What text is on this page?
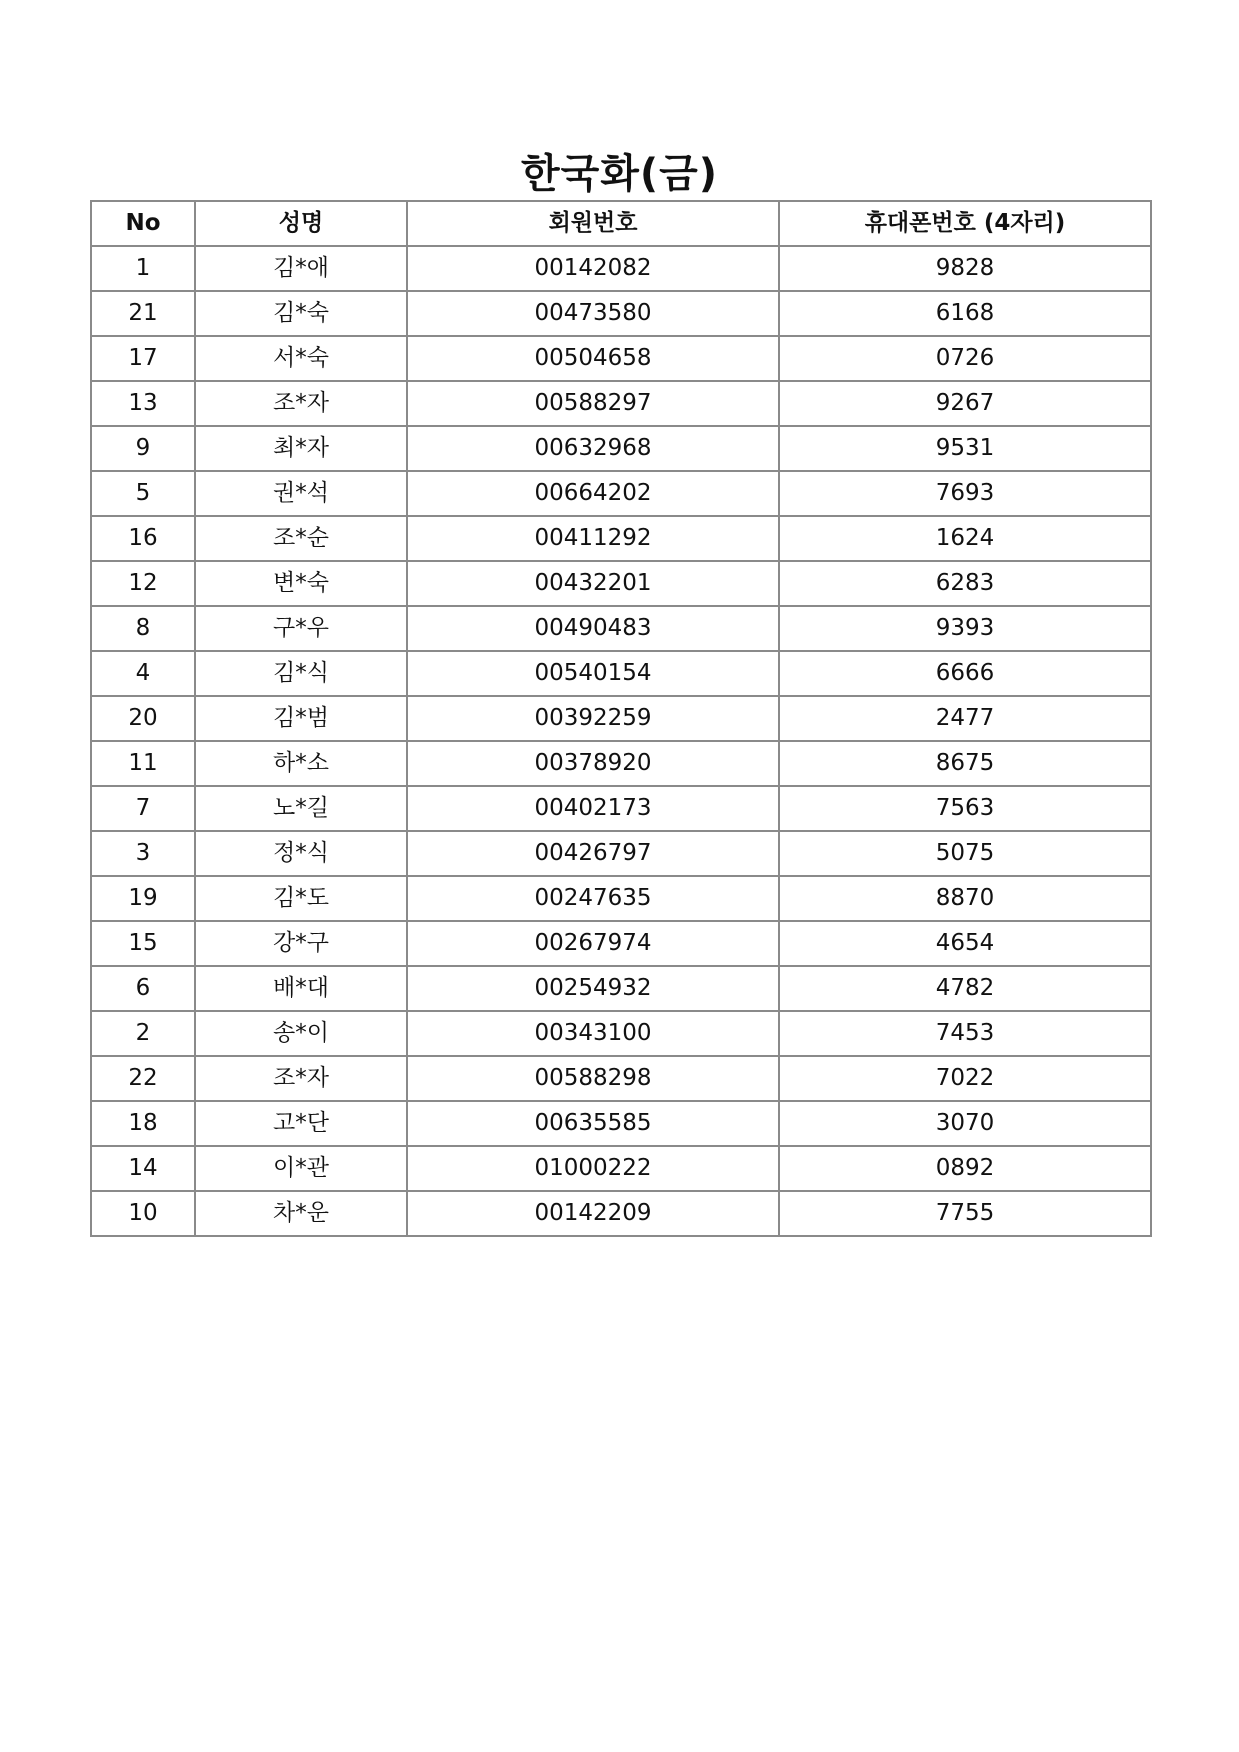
한국화(금)
No	성명	회원번호	휴대폰번호 (4자리)
1	김*애	00142082	9828
21	김*숙	00473580	6168
17	서*숙	00504658	0726
13	조*자	00588297	9267
9	최*자	00632968	9531
5	권*석	00664202	7693
16	조*순	00411292	1624
12	변*숙	00432201	6283
8	구*우	00490483	9393
4	김*식	00540154	6666
20	김*범	00392259	2477
11	하*소	00378920	8675
7	노*길	00402173	7563
3	정*식	00426797	5075
19	김*도	00247635	8870
15	강*구	00267974	4654
6	배*대	00254932	4782
2	송*이	00343100	7453
22	조*자	00588298	7022
18	고*단	00635585	3070
14	이*관	01000222	0892
10	차*운	00142209	7755
